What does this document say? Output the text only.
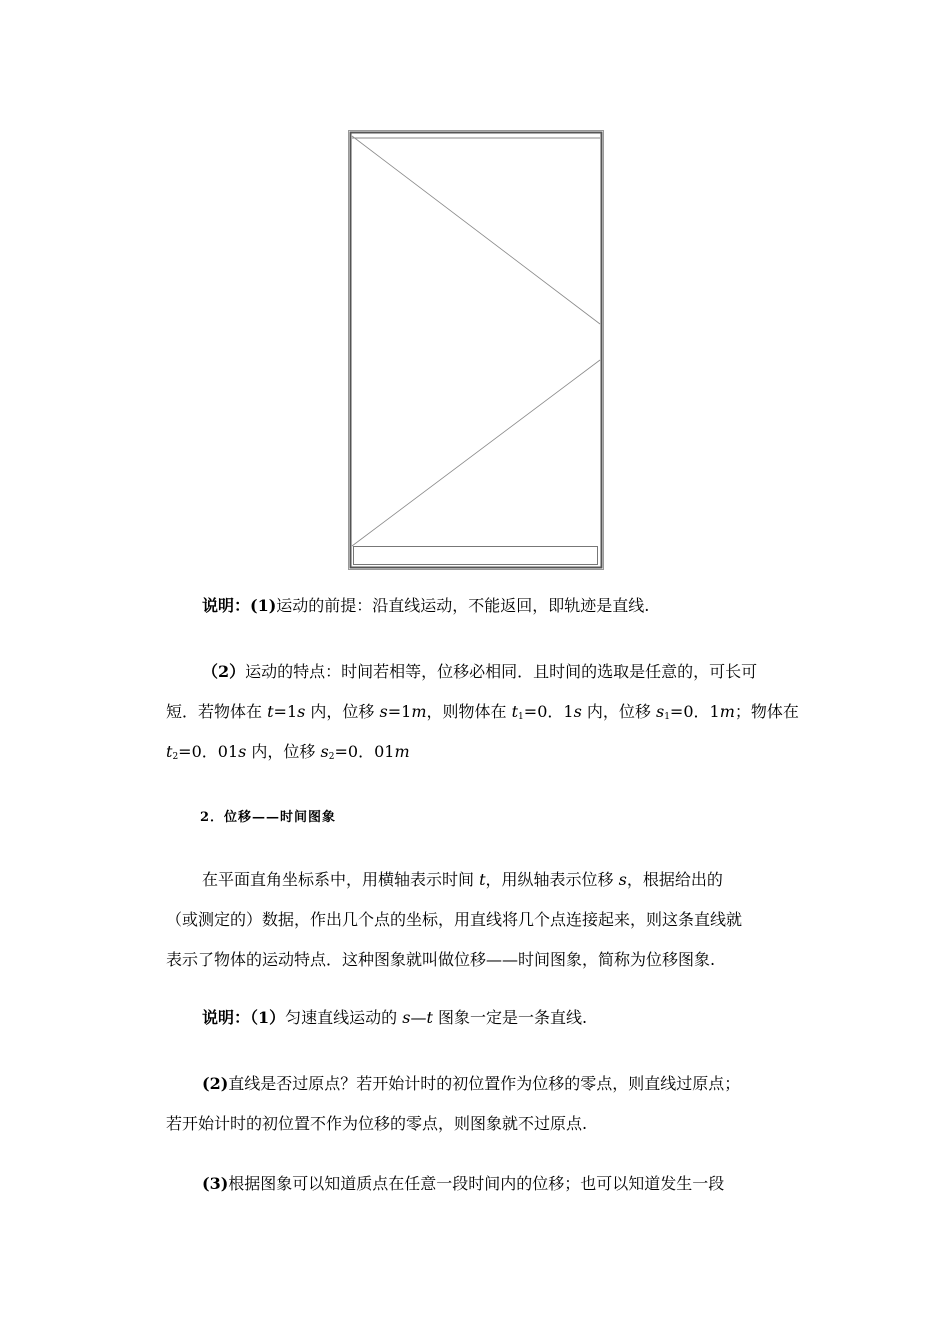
说明：(1)运动的前提：沿直线运动，不能返回，即轨迹是直线.
（2）运动的特点：时间若相等，位移必相同．且时间的选取是任意的，可长可
短．若物体在 t=1s 内，位移 s=1m，则物体在 $t_1=0$．1s 内，位移 $s_1=0$．1m；物体在
$t_2=0$．01s 内，位移 $s_2=0$．01m
2．位移——时间图象
在平面直角坐标系中，用横轴表示时间 t，用纵轴表示位移 s，根据给出的
（或测定的）数据，作出几个点的坐标，用直线将几个点连接起来，则这条直线就
表示了物体的运动特点．这种图象就叫做位移——时间图象，简称为位移图象.
说明：（1）匀速直线运动的 s—t 图象一定是一条直线.
(2)直线是否过原点？若开始计时的初位置作为位移的零点，则直线过原点；
若开始计时的初位置不作为位移的零点，则图象就不过原点.
(3)根据图象可以知道质点在任意一段时间内的位移；也可以知道发生一段
